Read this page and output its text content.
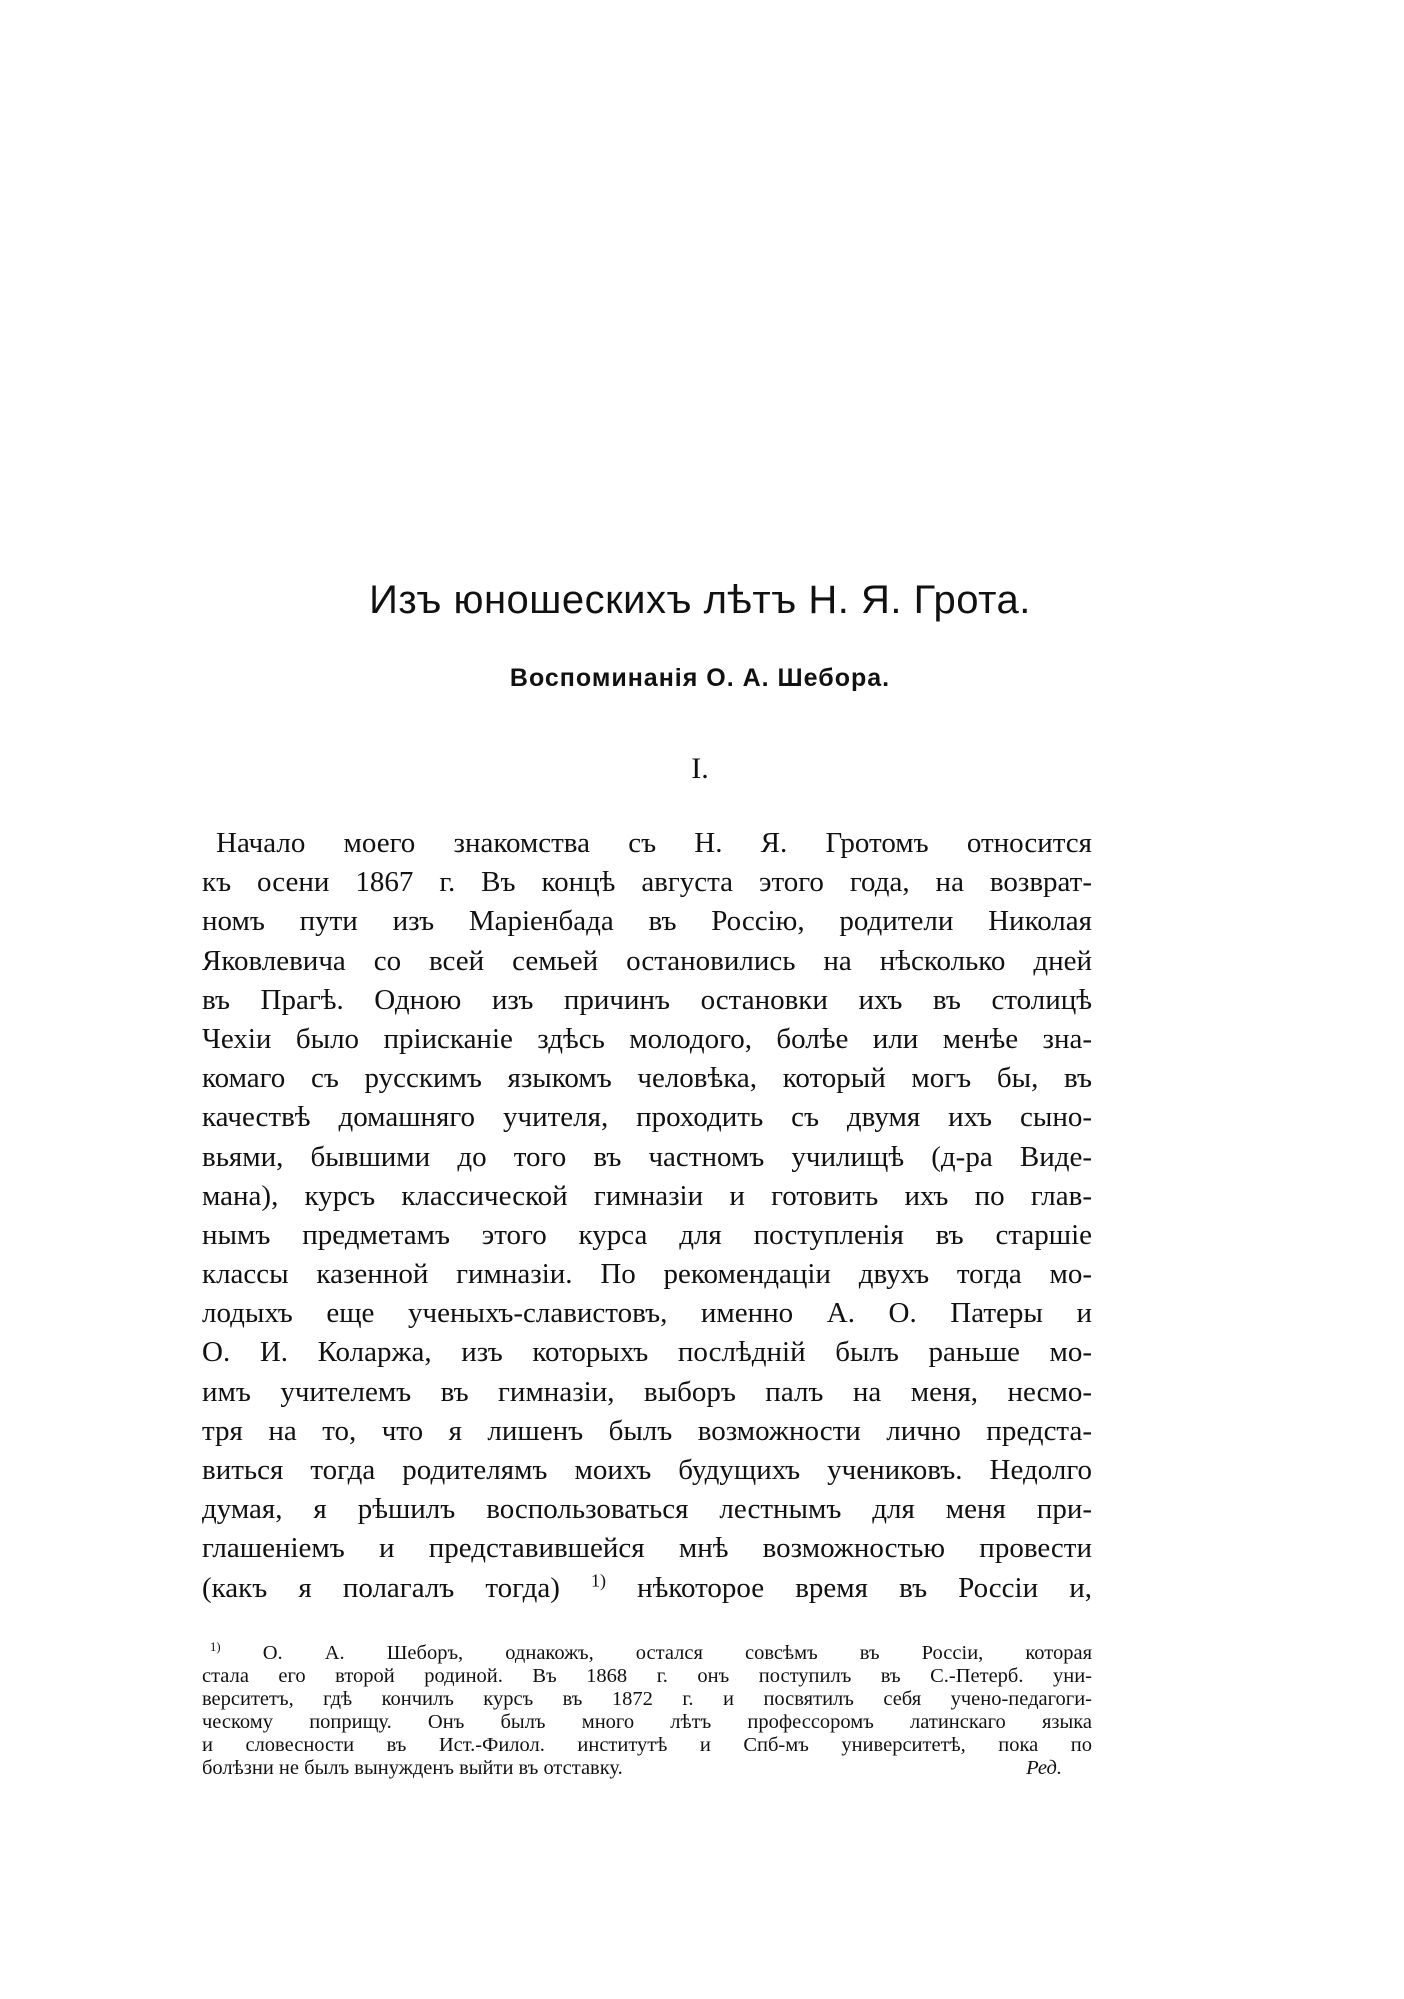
Изъ юношескихъ лѣтъ Н. Я. Грота.
Воспоминанія О. А. Шебора.
I.
Начало моего знакомства съ Н. Я. Гротомъ относится
къ осени 1867 г. Въ концѣ августа этого года, на возврат-
номъ пути изъ Маріенбада въ Россію, родители Николая
Яковлевича со всей семьей остановились на нѣсколько дней
въ Прагѣ. Одною изъ причинъ остановки ихъ въ столицѣ
Чехіи было пріисканіе здѣсь молодого, болѣе или менѣе зна-
комаго съ русскимъ языкомъ человѣка, который могъ бы, въ
качествѣ домашняго учителя, проходить съ двумя ихъ сыно-
вьями, бывшими до того въ частномъ училищѣ (д-ра Виде-
мана), курсъ классической гимназіи и готовить ихъ по глав-
нымъ предметамъ этого курса для поступленія въ старшіе
классы казенной гимназіи. По рекомендаціи двухъ тогда мо-
лодыхъ еще ученыхъ-славистовъ, именно А. О. Патеры и
О. И. Коларжа, изъ которыхъ послѣдній былъ раньше мо-
имъ учителемъ въ гимназіи, выборъ палъ на меня, несмо-
тря на то, что я лишенъ былъ возможности лично предста-
виться тогда родителямъ моихъ будущихъ учениковъ. Недолго
думая, я рѣшилъ воспользоваться лестнымъ для меня при-
глашеніемъ и представившейся мнѣ возможностью провести
(какъ я полагалъ тогда) $^{1)}$ нѣкоторое время въ Россіи и,
$^{1)}$ О. А. Шеборъ, однакожъ, остался совсѣмъ въ Россіи, которая
стала его второй родиной. Въ 1868 г. онъ поступилъ въ С.-Петерб. уни-
верситетъ, гдѣ кончилъ курсъ въ 1872 г. и посвятилъ себя учено-педагоги-
ческому поприщу. Онъ былъ много лѣтъ профессоромъ латинскаго языка
и словесности въ Ист.-Филол. институтѣ и Спб-мъ университетѣ, пока по
болѣзни не былъ вынужденъ выйти въ отставку.	Ред.
